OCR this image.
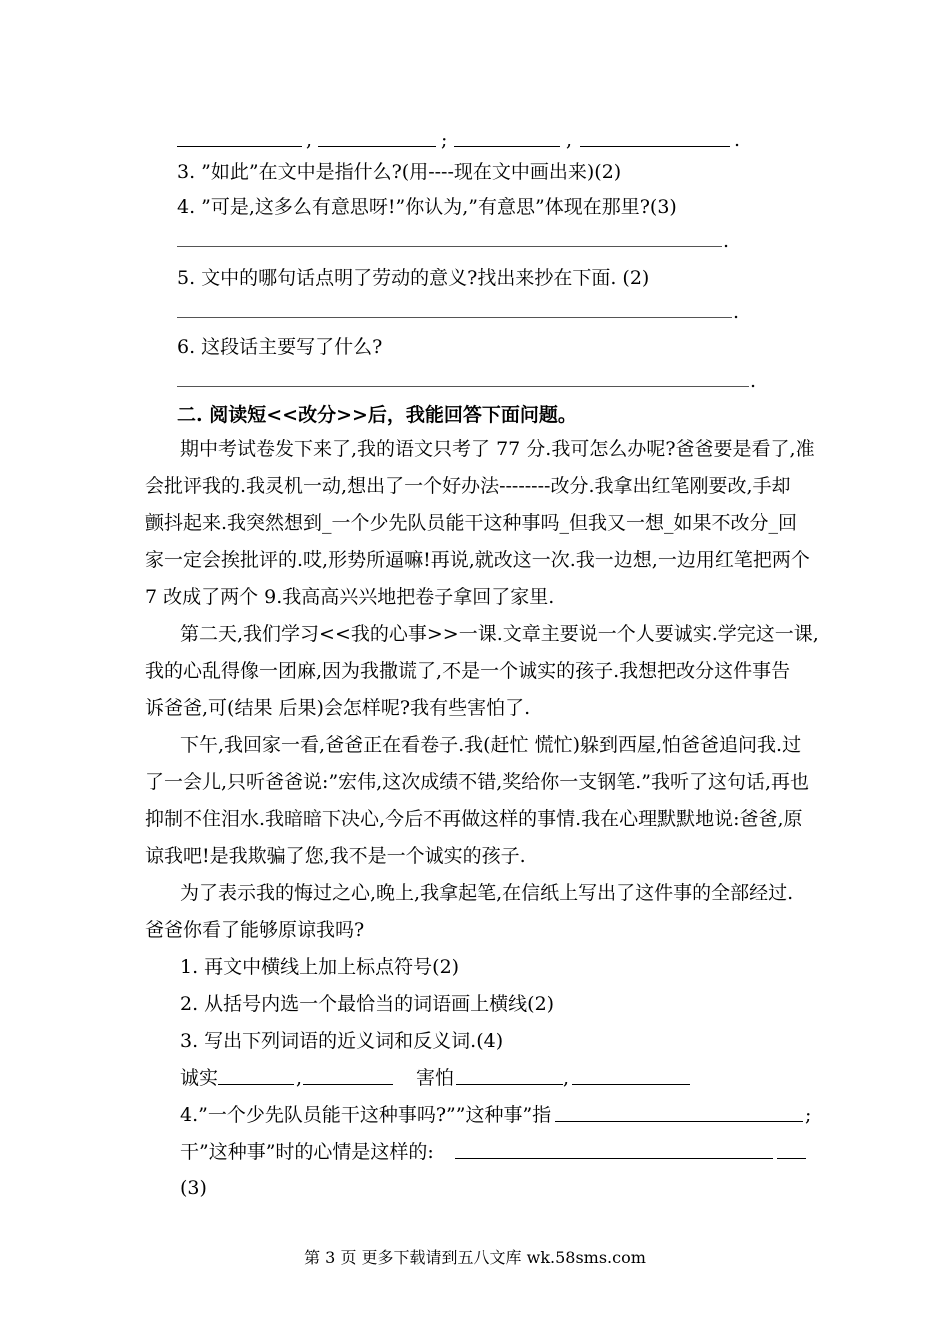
,	;	,	.
3. ”如此”在文中是指什么?(用----现在文中画出来)(2)
4. ”可是,这多么有意思呀!”你认为,”有意思”体现在那里?(3)
.
5. 文中的哪句话点明了劳动的意义?找出来抄在下面. (2)
.
6. 这段话主要写了什么?
.
二. 阅读短<<改分>>后，我能回答下面问题。
期中考试卷发下来了,我的语文只考了 77 分.我可怎么办呢?爸爸要是看了,准
会批评我的.我灵机一动,想出了一个好办法--------改分.我拿出红笔刚要改,手却
颤抖起来.我突然想到_一个少先队员能干这种事吗_但我又一想_如果不改分_回
家一定会挨批评的.哎,形势所逼嘛!再说,就改这一次.我一边想,一边用红笔把两个
7 改成了两个 9.我高高兴兴地把卷子拿回了家里.
第二天,我们学习<<我的心事>>一课.文章主要说一个人要诚实.学完这一课,
我的心乱得像一团麻,因为我撒谎了,不是一个诚实的孩子.我想把改分这件事告
诉爸爸,可(结果 后果)会怎样呢?我有些害怕了.
下午,我回家一看,爸爸正在看卷子.我(赶忙 慌忙)躲到西屋,怕爸爸追问我.过
了一会儿,只听爸爸说:”宏伟,这次成绩不错,奖给你一支钢笔.”我听了这句话,再也
抑制不住泪水.我暗暗下决心,今后不再做这样的事情.我在心理默默地说:爸爸,原
谅我吧!是我欺骗了您,我不是一个诚实的孩子.
为了表示我的悔过之心,晚上,我拿起笔,在信纸上写出了这件事的全部经过.
爸爸你看了能够原谅我吗?
1. 再文中横线上加上标点符号(2)
2. 从括号内选一个最恰当的词语画上横线(2)
3. 写出下列词语的近义词和反义词.(4)
诚实	,	害怕	,
4.”一个少先队员能干这种事吗?””这种事”指	;
干”这种事”时的心情是这样的:
(3)
第 3 页 更多下载请到五八文库 wk.58sms.com
